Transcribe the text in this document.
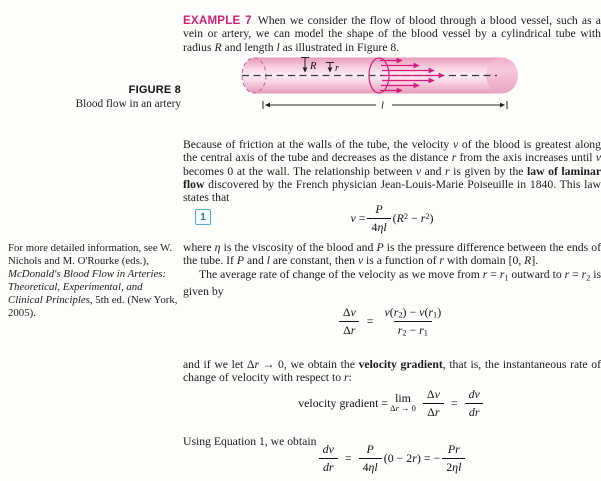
FIGURE 8
Blood flow in an artery
For more detailed information, see W. Nichols and M. O'Rourke (eds.), McDonald's Blood Flow in Arteries: Theoretical, Experimental, and Clinical Principles, 5th ed. (New York, 2005).
R r
l

EXAMPLE 7 When we consider the flow of blood through a blood vessel, such as a vein or artery, we can model the shape of the blood vessel by a cylindrical tube with radius R and length l as illustrated in Figure 8.

Because of friction at the walls of the tube, the velocity v of the blood is greatest along the central axis of the tube and decreases as the distance r from the axis increases until v becomes 0 at the wall. The relationship between v and r is given by the law of laminar flow discovered by the French physician Jean-Louis-Marie Poiseuille in 1840. This law states that

1	$v = \frac{P}{4\eta l} (R^2 - r^2)$

where η is the viscosity of the blood and P is the pressure difference between the ends of the tube. If P and l are constant, then v is a function of r with domain [0, R].

The average rate of change of the velocity as we move from $r = r_1$ outward to $r = r_2$ is given by

$\frac{\Delta v}{\Delta r} = \frac{v(r2) - v(r1)}{r2 - r1}$

and if we let Δr → 0, we obtain the velocity gradient, that is, the instantaneous rate of change of velocity with respect to r:

velocity gradient = lim
$\Delta r \to 0 \frac{\Delta v}{\Delta r} = \frac{dv}{dr}$

Using Equation 1, we obtain

$\frac{dv}{dr} = \frac{P}{4\eta l} (0 - 2r)$ = − $\frac{Pr}{2\eta l}$
